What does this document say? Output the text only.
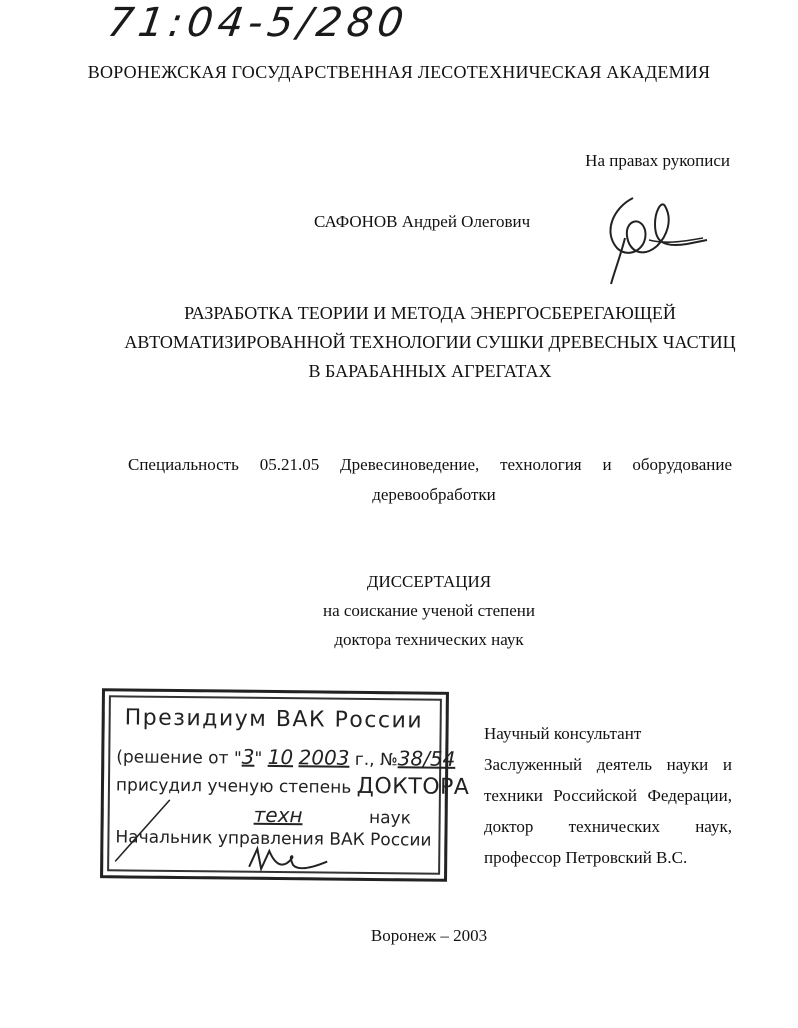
71:04-5/280
ВОРОНЕЖСКАЯ ГОСУДАРСТВЕННАЯ ЛЕСОТЕХНИЧЕСКАЯ АКАДЕМИЯ
На правах рукописи
САФОНОВ Андрей Олегович
РАЗРАБОТКА ТЕОРИИ И МЕТОДА ЭНЕРГОСБЕРЕГАЮЩЕЙ
АВТОМАТИЗИРОВАННОЙ ТЕХНОЛОГИИ СУШКИ ДРЕВЕСНЫХ ЧАСТИЦ
В БАРАБАННЫХ АГРЕГАТАХ
Специальность 05.21.05 Древесиноведение, технология и оборудование
деревообработки
ДИССЕРТАЦИЯ
на соискание ученой степени
доктора технических наук
Президиум ВАК России
(решение от "3" 10 2003 г., №38/54
присудил ученую степень ДОКТОРА
техн	наук
Начальник управления ВАК России
Научный консультант
Заслуженный деятель науки и
техники Российской Федерации,
доктор технических наук,
профессор Петровский В.С.
Воронеж – 2003
